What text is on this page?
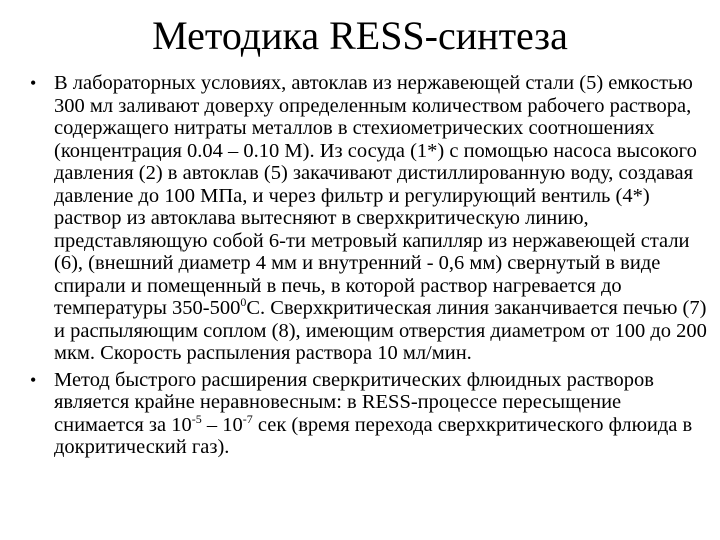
Методика RESS-синтеза
• В лабораторных условиях, автоклав из нержавеющей стали (5) емкостью 300 мл заливают доверху определенным количеством рабочего раствора, содержащего нитраты металлов в стехиометрических соотношениях (концентрация 0.04 – 0.10 М). Из сосуда (1*) с помощью насоса высокого давления (2) в автоклав (5) закачивают дистиллированную воду, создавая давление до 100 МПа, и через фильтр и регулирующий вентиль (4*) раствор из автоклава вытесняют в сверхкритическую линию, представляющую собой 6-ти метровый капилляр из нержавеющей стали (6), (внешний диаметр 4 мм и внутренний - 0,6 мм) свернутый в виде спирали и помещенный в печь, в которой раствор нагревается до температуры $350-500^0С$. Сверхкритическая линия заканчивается печью (7) и распыляющим соплом (8), имеющим отверстия диаметром от 100 до 200 мкм. Скорость распыления раствора 10 мл/мин.
• Метод быстрого расширения сверкритических флюидных растворов является крайне неравновесным: в RESS-процессе пересыщение снимается за $10^{-5} - 10^{-7}$ сек (время перехода сверхкритического флюида в докритический газ).
